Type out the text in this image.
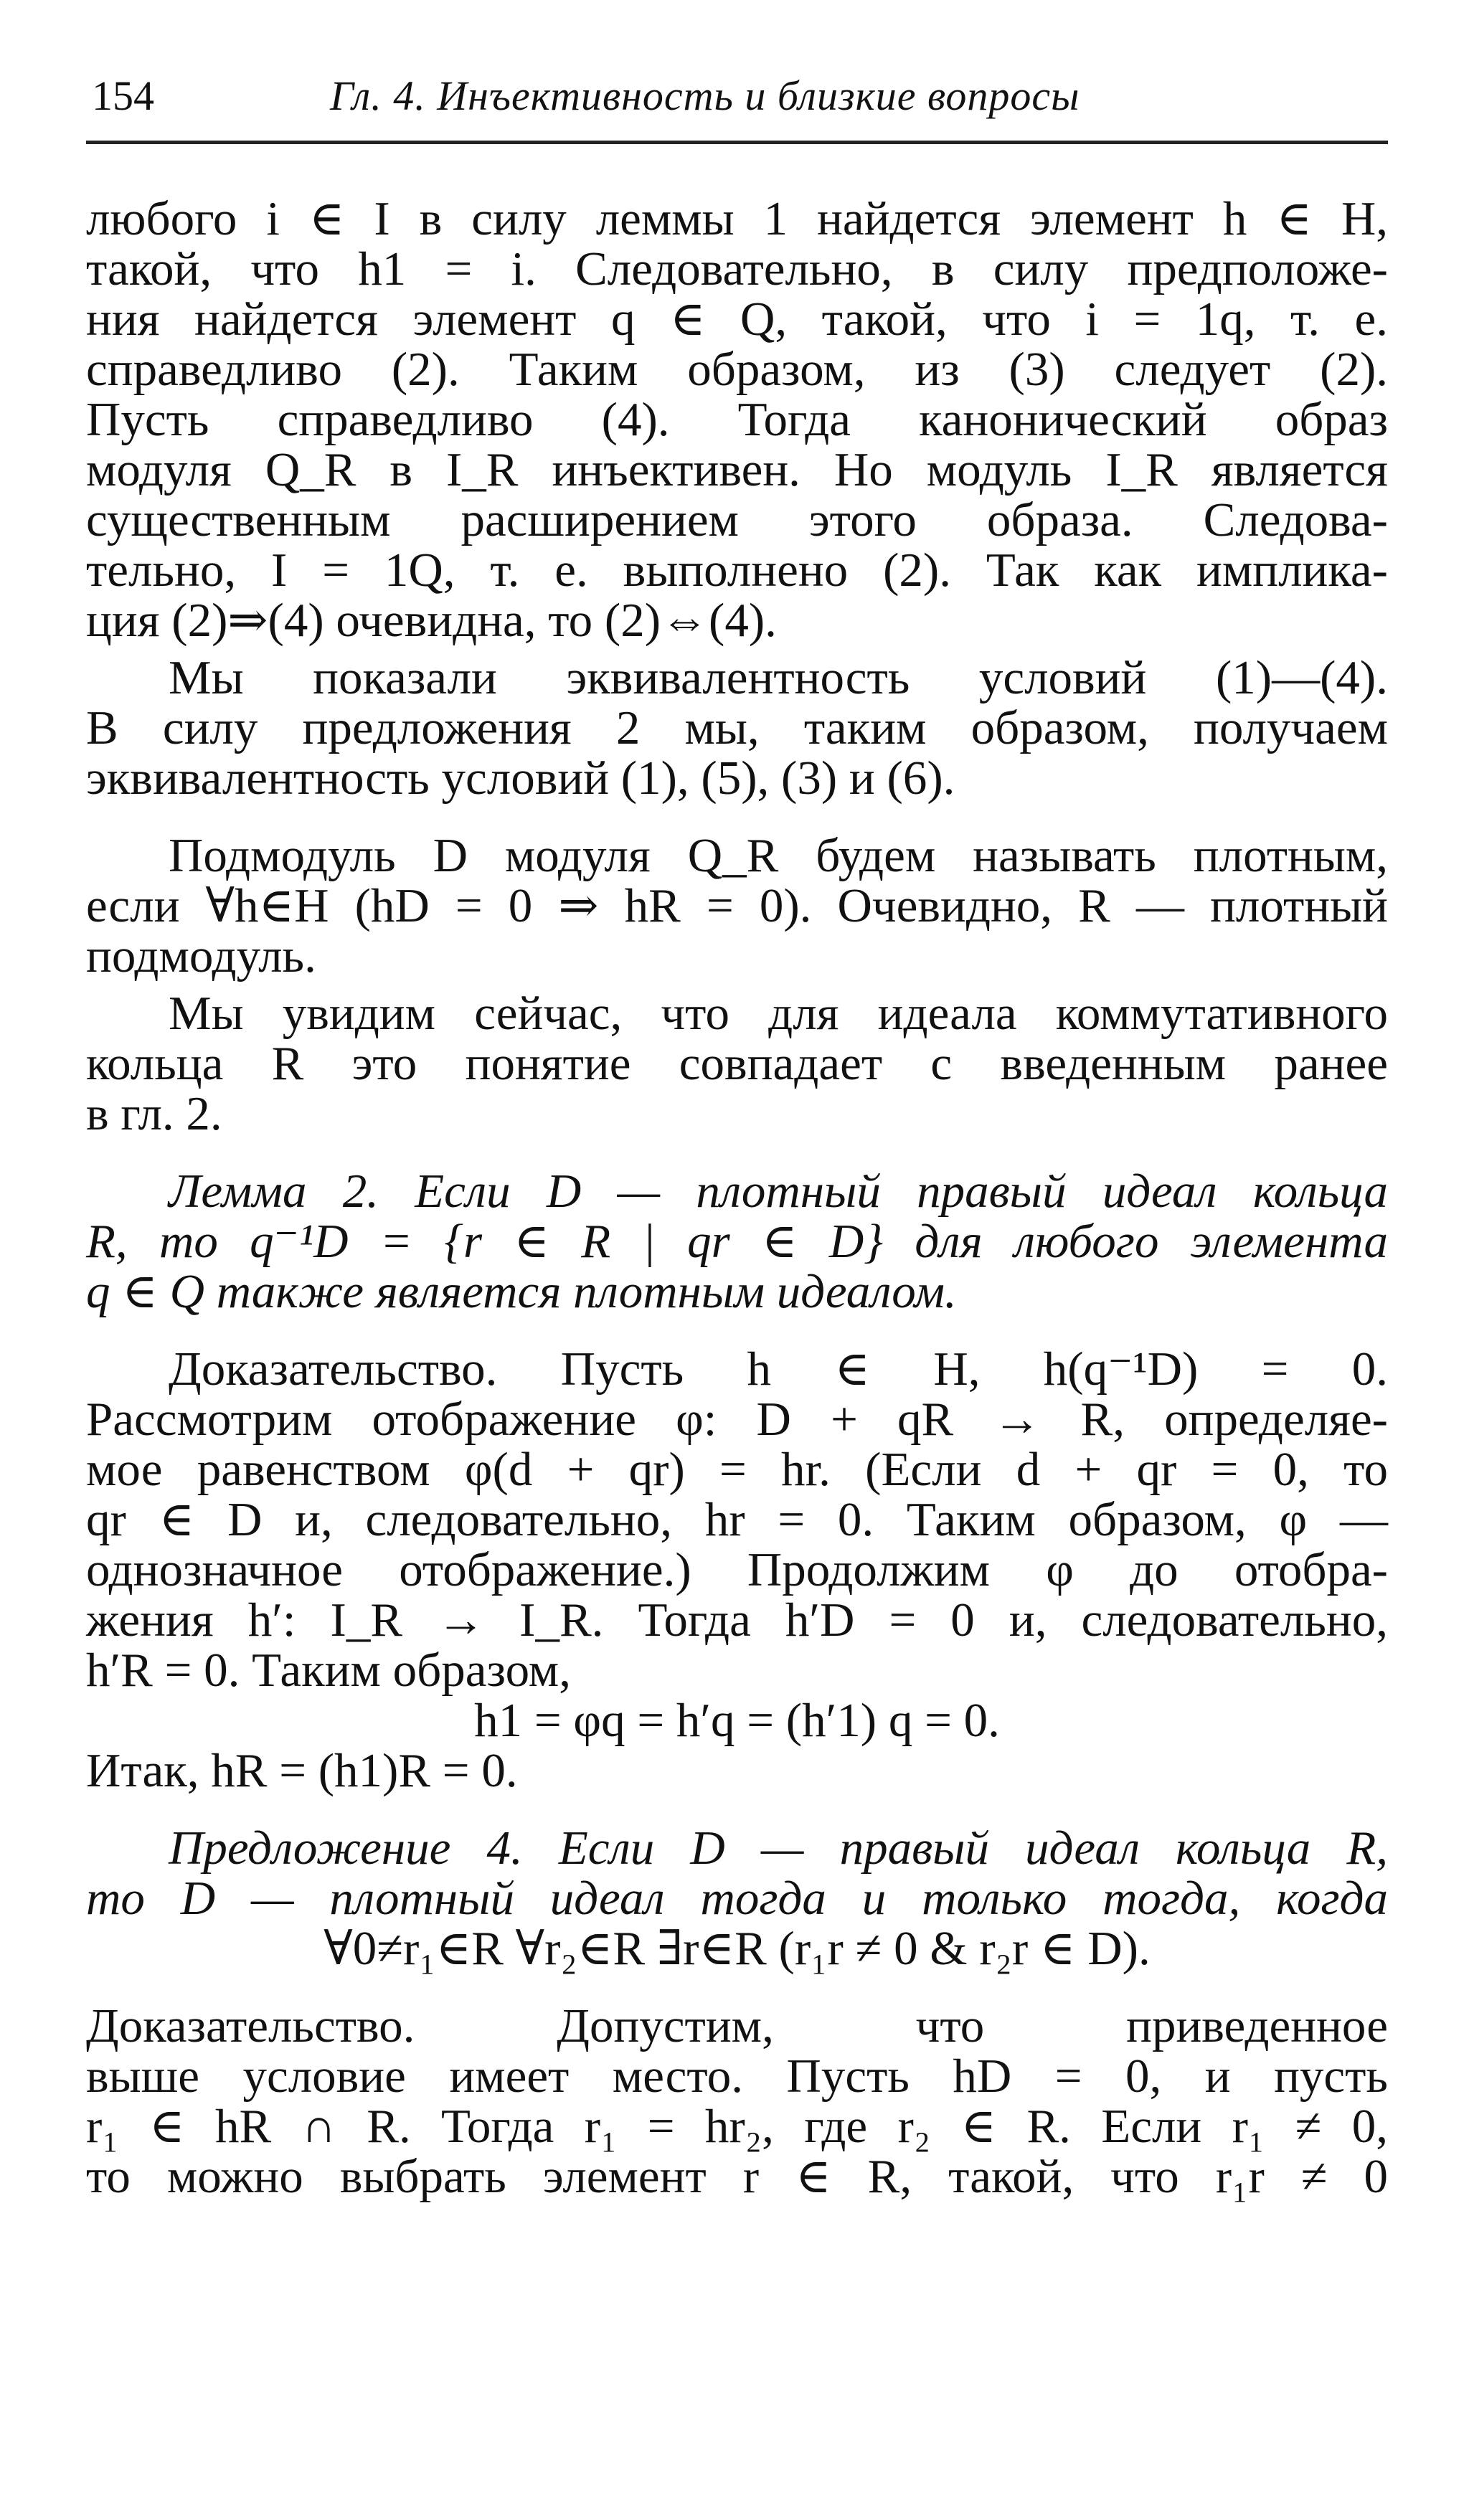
154	Гл. 4. Инъективность и близкие вопросы
любого i ∈ I в силу леммы 1 найдется элемент h ∈ H,
такой, что h1 = i. Следовательно, в силу предположе-
ния найдется элемент q ∈ Q, такой, что i = 1q, т. е.
справедливо (2). Таким образом, из (3) следует (2).
Пусть справедливо (4). Тогда канонический образ
модуля Q_R в I_R инъективен. Но модуль I_R является
существенным расширением этого образа. Следова-
тельно, I = 1Q, т. е. выполнено (2). Так как имплика-
ция (2)⇒(4) очевидна, то (2)⇔(4).
Мы показали эквивалентность условий (1)—(4).
В силу предложения 2 мы, таким образом, получаем
эквивалентность условий (1), (5), (3) и (6).
Подмодуль D модуля Q_R будем называть плотным,
если ∀h∈H (hD = 0 ⇒ hR = 0). Очевидно, R — плотный
подмодуль.
Мы увидим сейчас, что для идеала коммутативного
кольца R это понятие совпадает с введенным ранее
в гл. 2.
Лемма 2. Если D — плотный правый идеал кольца
R, то q⁻¹D = {r ∈ R | qr ∈ D} для любого элемента
q ∈ Q также является плотным идеалом.
Доказательство. Пусть h ∈ H, h(q⁻¹D) = 0.
Рассмотрим отображение φ: D + qR → R, определяе-
мое равенством φ(d + qr) = hr. (Если d + qr = 0, то
qr ∈ D и, следовательно, hr = 0. Таким образом, φ —
однозначное отображение.) Продолжим φ до отобра-
жения h′: I_R → I_R. Тогда h′D = 0 и, следовательно,
h′R = 0. Таким образом,
h1 = φq = h′q = (h′1) q = 0.
Итак, hR = (h1)R = 0.
Предложение 4. Если D — правый идеал кольца R,
то D — плотный идеал тогда и только тогда, когда
∀0≠r₁∈R ∀r₂∈R ∃r∈R (r₁r ≠ 0 & r₂r ∈ D).
Доказательство. Допустим, что приведенное
выше условие имеет место. Пусть hD = 0, и пусть
r₁ ∈ hR ∩ R. Тогда r₁ = hr₂, где r₂ ∈ R. Если r₁ ≠ 0,
то можно выбрать элемент r ∈ R, такой, что r₁r ≠ 0
